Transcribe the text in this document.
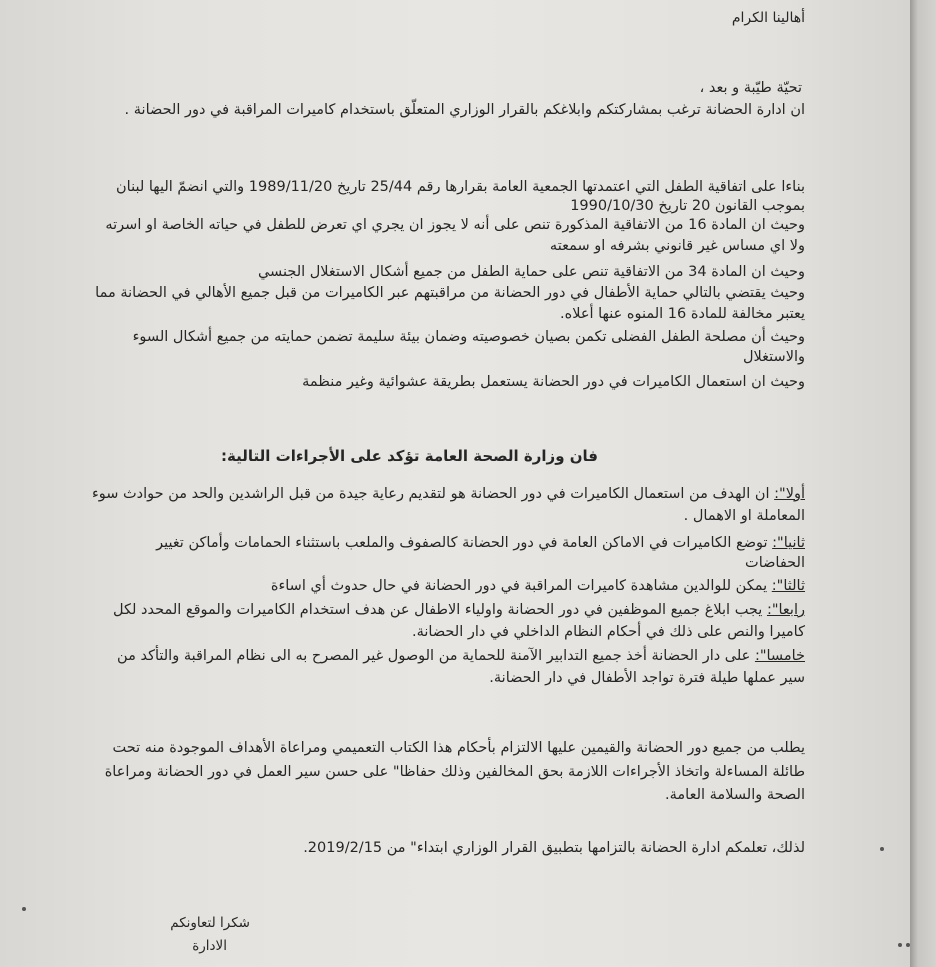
أهالينا الكرام
تحيّة طيّبة و بعد ،
ان ادارة الحضانة ترغب بمشاركتكم وابلاغكم بالقرار الوزاري المتعلّق باستخدام كاميرات المراقبة في دور الحضانة .
بناءا على اتفاقية الطفل التي اعتمدتها الجمعية العامة بقرارها رقم 25/44 تاريخ 1989/11/20 والتي انضمّ اليها لبنان
بموجب القانون 20 تاريخ 1990/10/30
وحيث ان المادة 16 من الاتفاقية المذكورة تنص على أنه لا يجوز ان يجري اي تعرض للطفل في حياته الخاصة او اسرته
ولا اي مساس غير قانوني بشرفه او سمعته
وحيث ان المادة 34 من الاتفاقية تنص على حماية الطفل من جميع أشكال الاستغلال الجنسي
وحيث يقتضي بالتالي حماية الأطفال في دور الحضانة من مراقبتهم عبر الكاميرات من قبل جميع الأهالي في الحضانة مما
يعتبر مخالفة للمادة 16 المنوه عنها أعلاه.
وحيث أن مصلحة الطفل الفضلى تكمن بصيان خصوصيته وضمان بيئة سليمة تضمن حمايته من جميع أشكال السوء
والاستغلال
وحيث ان استعمال الكاميرات في دور الحضانة يستعمل بطريقة عشوائية وغير منظمة
فان وزارة الصحة العامة تؤكد على الأجراءات التالية:
أولا": ان الهدف من استعمال الكاميرات في دور الحضانة هو لتقديم رعاية جيدة من قبل الراشدين والحد من حوادث سوء
المعاملة او الاهمال .
ثانيا": توضع الكاميرات في الاماكن العامة في دور الحضانة كالصفوف والملعب باستثناء الحمامات وأماكن تغيير
الحفاضات
ثالثا": يمكن للوالدين مشاهدة كاميرات المراقبة في دور الحضانة في حال حدوث أي اساءة
رابعا": يجب ابلاغ جميع الموظفين في دور الحضانة واولياء الاطفال عن هدف استخدام الكاميرات والموقع المحدد لكل
كاميرا والنص على ذلك في أحكام النظام الداخلي في دار الحضانة.
خامسا": على دار الحضانة أخذ جميع التدابير الآمنة للحماية من الوصول غير المصرح به الى نظام المراقبة والتأكد من
سير عملها طيلة فترة تواجد الأطفال في دار الحضانة.
يطلب من جميع دور الحضانة والقيمين عليها الالتزام بأحكام هذا الكتاب التعميمي ومراعاة الأهداف الموجودة منه تحت
طائلة المساءلة واتخاذ الأجراءات اللازمة بحق المخالفين وذلك حفاظا" على حسن سير العمل في دور الحضانة ومراعاة
الصحة والسلامة العامة.
لذلك، تعلمكم ادارة الحضانة بالتزامها بتطبيق القرار الوزاري ابتداء" من 2019/2/15.
شكرا لتعاونكم
الادارة
